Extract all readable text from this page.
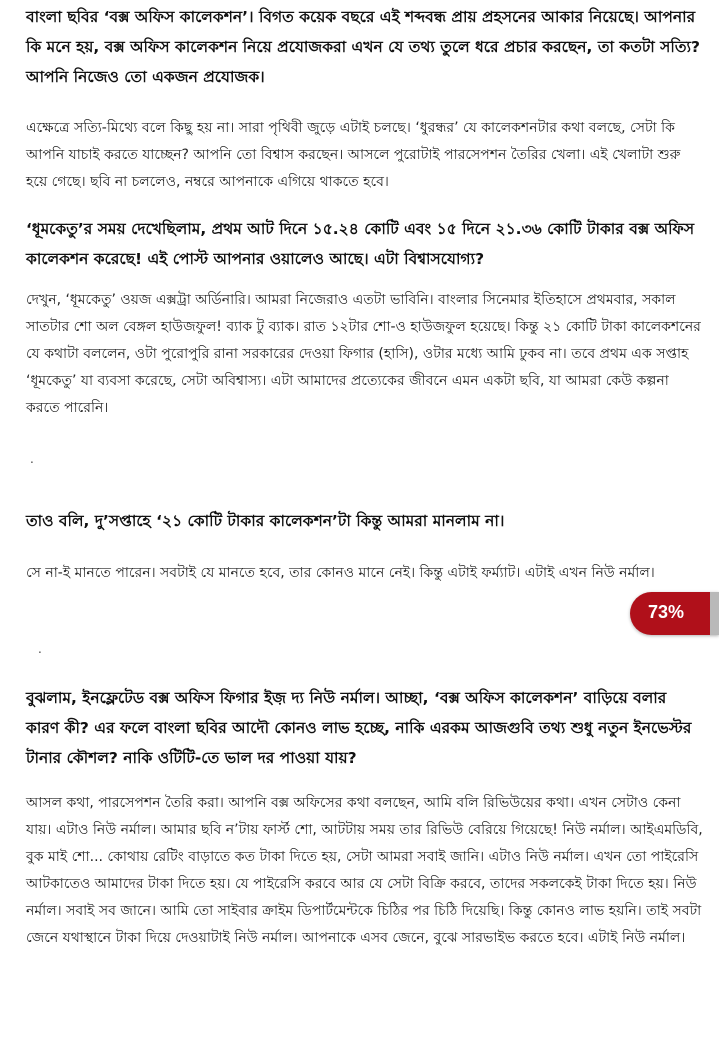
বাংলা ছবির ‘বক্স অফিস কালেকশন’। বিগত কয়েক বছরে এই শব্দবন্ধ প্রায় প্রহসনের আকার নিয়েছে। আপনার কি মনে হয়, বক্স অফিস কালেকশন নিয়ে প্রযোজকরা এখন যে তথ্য তুলে ধরে প্রচার করছেন, তা কতটা সত্যি? আপনি নিজেও তো একজন প্রযোজক।

এক্ষেত্রে সত্যি-মিথ্যে বলে কিছু হয় না। সারা পৃথিবী জুড়ে এটাই চলছে। ‘ধুরন্ধর’ যে কালেকশনটার কথা বলছে, সেটা কি আপনি যাচাই করতে যাচ্ছেন? আপনি তো বিশ্বাস করছেন। আসলে পুরোটাই পারসেপশন তৈরির খেলা। এই খেলাটা শুরু হয়ে গেছে। ছবি না চললেও, নম্বরে আপনাকে এগিয়ে থাকতে হবে।

‘ধূমকেতু’র সময় দেখেছিলাম, প্রথম আট দিনে ১৫.২৪ কোটি এবং ১৫ দিনে ২১.৩৬ কোটি টাকার বক্স অফিস কালেকশন করেছে! এই পোস্ট আপনার ওয়ালেও আছে। এটা বিশ্বাসযোগ্য?

দেখুন, ‘ধূমকেতু’ ওয়জ এক্সট্রা অর্ডিনারি। আমরা নিজেরাও এতটা ভাবিনি। বাংলার সিনেমার ইতিহাসে প্রথমবার, সকাল সাতটার শো অল বেঙ্গল হাউজফুল! ব্যাক টু ব্যাক। রাত ১২টার শো-ও হাউজফুল হয়েছে। কিন্তু ২১ কোটি টাকা কালেকশনের যে কথাটা বললেন, ওটা পুরোপুরি রানা সরকারের দেওয়া ফিগার (হাসি), ওটার মধ্যে আমি ঢুকব না। তবে প্রথম এক সপ্তাহ ‘ধূমকেতু’ যা ব্যবসা করেছে, সেটা অবিশ্বাস্য। এটা আমাদের প্রত্যেকের জীবনে এমন একটা ছবি, যা আমরা কেউ কল্পনা করতে পারেনি।

.

তাও বলি, দু’সপ্তাহে ‘২১ কোটি টাকার কালেকশন’টা কিন্তু আমরা মানলাম না।

সে না-ই মানতে পারেন। সবটাই যে মানতে হবে, তার কোনও মানে নেই। কিন্তু এটাই ফর্ম্যাট। এটাই এখন নিউ নর্মাল।

.

বুঝলাম, ইনফ্লেটেড বক্স অফিস ফিগার ইজ় দ্য নিউ নর্মাল। আচ্ছা, ‘বক্স অফিস কালেকশন’ বাড়িয়ে বলার কারণ কী? এর ফলে বাংলা ছবির আদৌ কোনও লাভ হচ্ছে, নাকি এরকম আজগুবি তথ্য শুধু নতুন ইনভেস্টর টানার কৌশল? নাকি ওটিটি-তে ভাল দর পাওয়া যায়?

আসল কথা, পারসেপশন তৈরি করা। আপনি বক্স অফিসের কথা বলছেন, আমি বলি রিভিউয়ের কথা। এখন সেটাও কেনা যায়। এটাও নিউ নর্মাল। আমার ছবি ন’টায় ফার্স্ট শো, আটটায় সময় তার রিভিউ বেরিয়ে গিয়েছে! নিউ নর্মাল। আইএমডিবি, বুক মাই শো... কোথায় রেটিং বাড়াতে কত টাকা দিতে হয়, সেটা আমরা সবাই জানি। এটাও নিউ নর্মাল। এখন তো পাইরেসি আটকাতেও আমাদের টাকা দিতে হয়। যে পাইরেসি করবে আর যে সেটা বিক্রি করবে, তাদের সকলকেই টাকা দিতে হয়। নিউ নর্মাল। সবাই সব জানে। আমি তো সাইবার ক্রাইম ডিপার্টমেন্টকে চিঠির পর চিঠি দিয়েছি। কিন্তু কোনও লাভ হয়নি। তাই সবটা জেনে যথাস্থানে টাকা দিয়ে দেওয়াটাই নিউ নর্মাল। আপনাকে এসব জেনে, বুঝে সারভাইভ করতে হবে। এটাই নিউ নর্মাল।

73%
